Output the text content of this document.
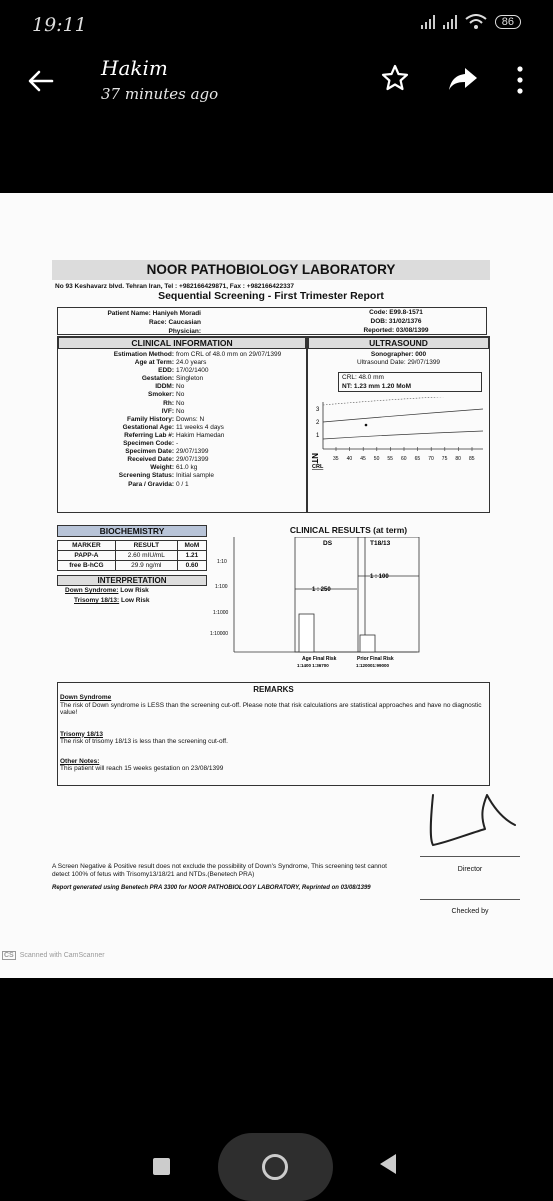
19:11	86
Hakim
37 minutes ago
NOOR PATHOBIOLOGY LABORATORY
No 93 Keshavarz blvd. Tehran Iran, Tel : +982166429871, Fax : +982166422337
Sequential Screening - First Trimester Report
Patient Name: Haniyeh Moradi
Race: Caucasian
Physician:
Code: E99.8-1571
DOB: 31/02/1376
Reported: 03/08/1399
CLINICAL INFORMATION
Estimation Method: from CRL of 48.0 mm on 29/07/1399
Age at Term: 24.0 years
EDD: 17/02/1400
Gestation: Singleton
IDDM: No
Smoker: No
Rh: No
IVF: No
Family History: Downs: N
Gestational Age: 11 weeks 4 days
Referring Lab #: Hakim Hamedan
Specimen Code: -
Specimen Date: 29/07/1399
Received Date: 29/07/1399
Weight: 61.0 kg
Screening Status: Initial sample
Para / Gravida: 0 / 1
ULTRASOUND
Sonographer: 000
Ultrasound Date: 29/07/1399
CRL: 48.0 mm
NT: 1.23 mm 1.20 MoM
3
2
1
NT
CRL
35 40 45 50 55 60 65 70 75 80 85
BIOCHEMISTRY
MARKER	RESULT	MoM
PAPP-A	2.60 mIU/mL	1.21
free B-hCG	29.9 ng/ml	0.60
INTERPRETATION
Down Syndrome: Low Risk
Trisomy 18/13: Low Risk
CLINICAL RESULTS (at term)
1:10
1:100
1:1000
1:10000
DS	T18/13
1 : 250
1 : 100
Age Final Risk
1:1400 1:36700
Prior Final Risk
1:120001:99000
REMARKS

Down Syndrome

The risk of Down syndrome is LESS than the screening cut-off. Please note that risk calculations are statistical approaches and have no diagnostic value!

Trisomy 18/13

The risk of trisomy 18/13 is less than the screening cut-off.

Other Notes:

This patient will reach 15 weeks gestation on 23/08/1399

A Screen Negative & Positive result does not exclude the possibility of Down's Syndrome, This screening test cannot detect 100% of fetus with Trisomy13/18/21 and NTDs.(Benetech PRA)
Report generated using Benetech PRA 3300 for NOOR PATHOBIOLOGY LABORATORY, Reprinted on 03/08/1399
Director
Checked by
CS Scanned with CamScanner
